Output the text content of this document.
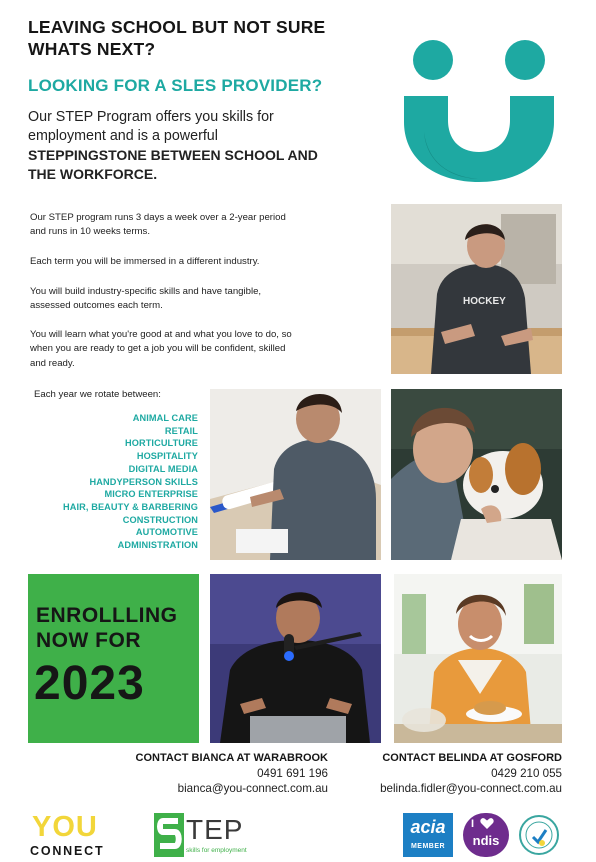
LEAVING SCHOOL BUT NOT SURE
WHATS NEXT?
LOOKING FOR A SLES PROVIDER?
Our STEP Program offers you skills for
employment and is a powerful
STEPPINGSTONE BETWEEN SCHOOL AND
THE WORKFORCE.
Our STEP program runs 3 days a week over a 2-year period
and runs in 10 weeks terms.
Each term you will be immersed in a different industry.
You will build industry-specific skills and have tangible,
assessed outcomes each term.
You will learn what you're good at and what you love to do, so
when you are ready to get a job you will be confident, skilled
and ready.
Each year we rotate between:
ANIMAL CARE
RETAIL
HORTICULTURE
HOSPITALITY
DIGITAL MEDIA
HANDYPERSON SKILLS
MICRO ENTERPRISE
HAIR, BEAUTY & BARBERING
CONSTRUCTION
AUTOMOTIVE
ADMINISTRATION
HOCKEY
ENROLLLING
NOW FOR
2023
CONTACT BIANCA AT WARABROOK
0491 691 196
bianca@you-connect.com.au
CONTACT BELINDA AT GOSFORD
0429 210 055
belinda.fidler@you-connect.com.au
YOU
CONNECT
TEP
skills for employment
acia
MEMBER
I
ndis
